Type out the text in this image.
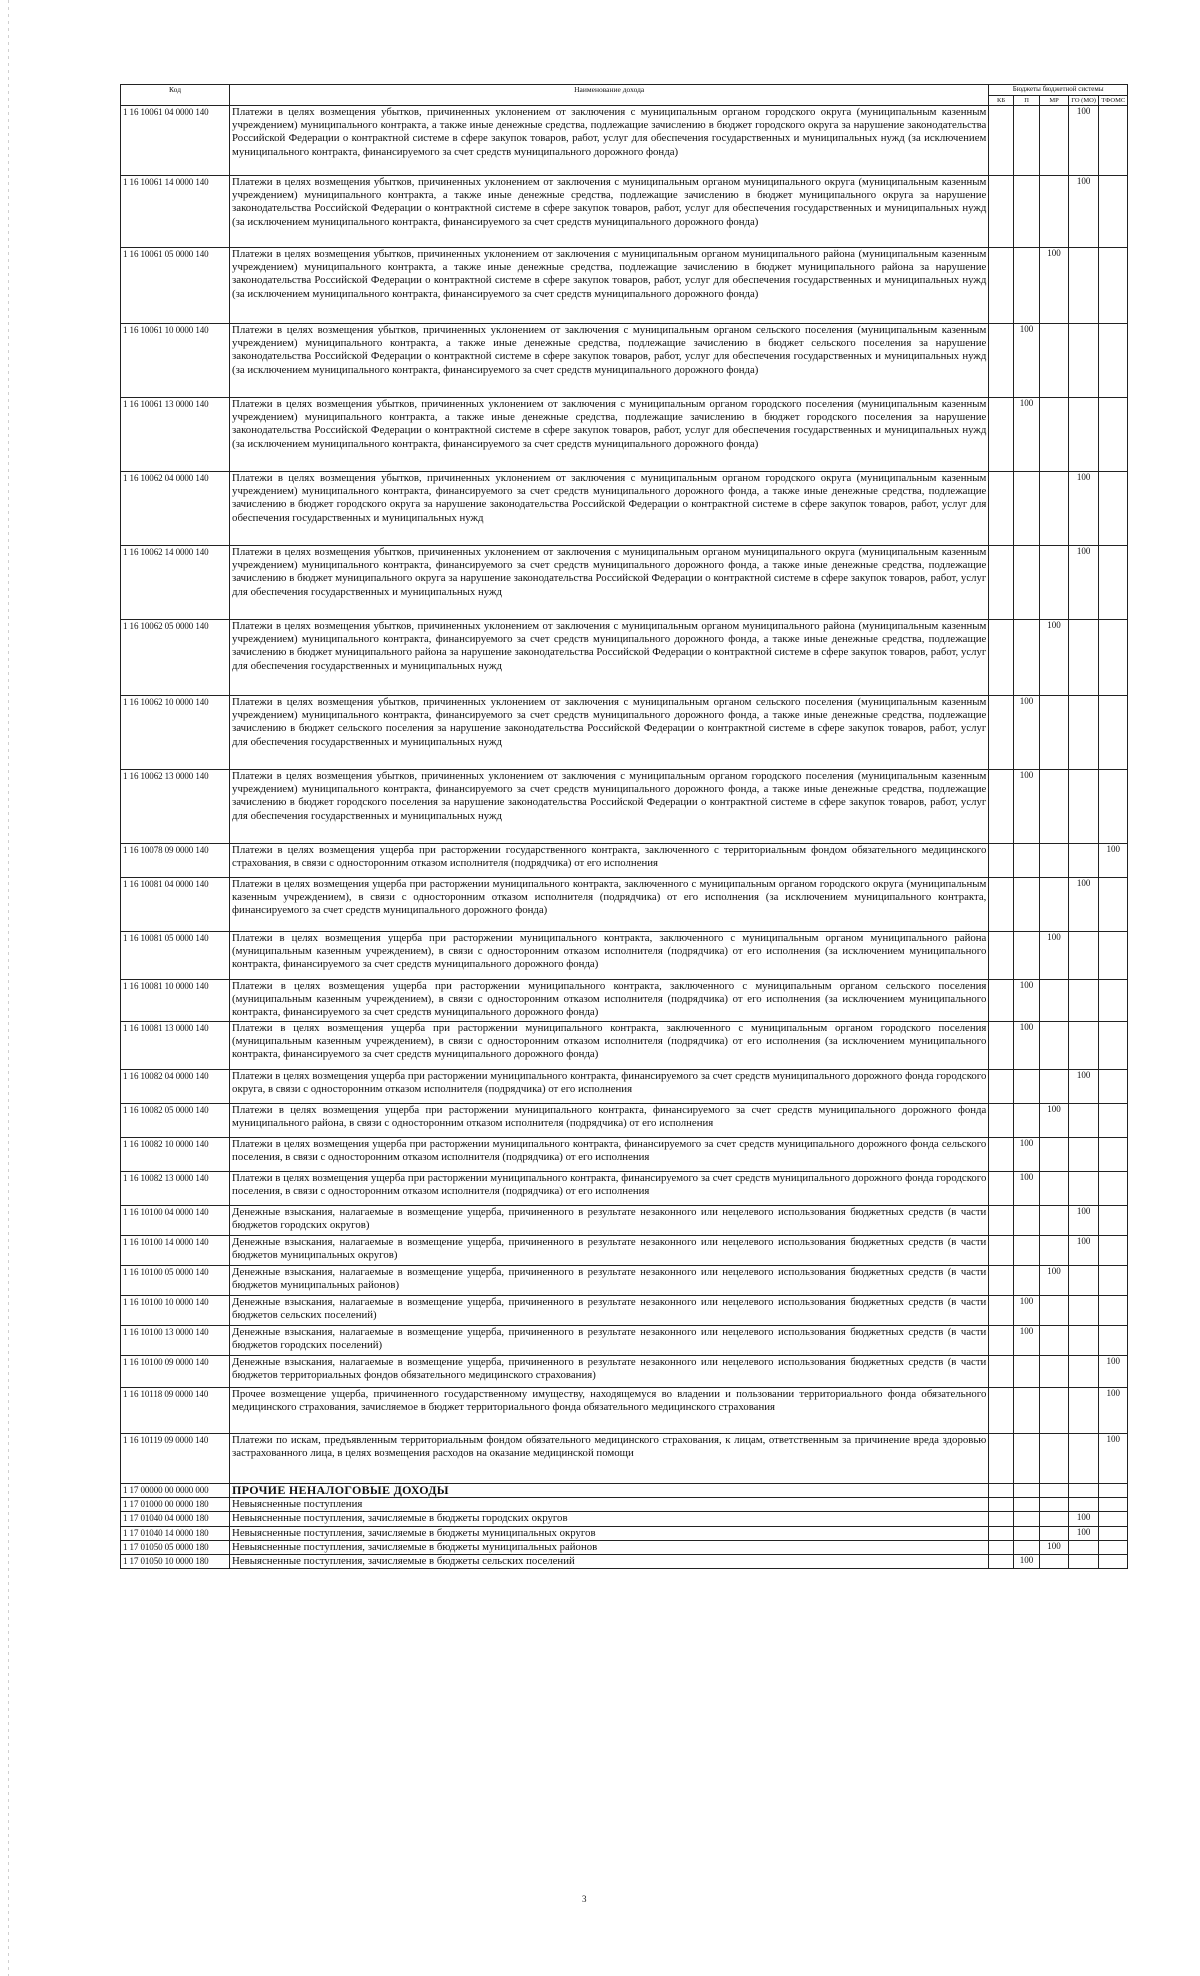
Код	Наименование дохода	Бюджеты бюджетной системы				
		КБ	П	МР	ГО (МО)	ТФОМС
1 16 10061 04 0000 140	Платежи в целях возмещения убытков, причиненных уклонением от заключения с муниципальным органом городского округа (муниципальным казенным учреждением) муниципального контракта, а также иные денежные средства, подлежащие зачислению в бюджет городского округа за нарушение законодательства Российской Федерации о контрактной системе в сфере закупок товаров, работ, услуг для обеспечения государственных и муниципальных нужд (за исключением муниципального контракта, финансируемого за счет средств муниципального дорожного фонда)				100	
1 16 10061 14 0000 140	Платежи в целях возмещения убытков, причиненных уклонением от заключения с муниципальным органом муниципального округа (муниципальным казенным учреждением) муниципального контракта, а также иные денежные средства, подлежащие зачислению в бюджет муниципального округа за нарушение законодательства Российской Федерации о контрактной системе в сфере закупок товаров, работ, услуг для обеспечения государственных и муниципальных нужд (за исключением муниципального контракта, финансируемого за счет средств муниципального дорожного фонда)				100	
1 16 10061 05 0000 140	Платежи в целях возмещения убытков, причиненных уклонением от заключения с муниципальным органом муниципального района (муниципальным казенным учреждением) муниципального контракта, а также иные денежные средства, подлежащие зачислению в бюджет муниципального района за нарушение законодательства Российской Федерации о контрактной системе в сфере закупок товаров, работ, услуг для обеспечения государственных и муниципальных нужд (за исключением муниципального контракта, финансируемого за счет средств муниципального дорожного фонда)			100		
1 16 10061 10 0000 140	Платежи в целях возмещения убытков, причиненных уклонением от заключения с муниципальным органом сельского поселения (муниципальным казенным учреждением) муниципального контракта, а также иные денежные средства, подлежащие зачислению в бюджет сельского поселения за нарушение законодательства Российской Федерации о контрактной системе в сфере закупок товаров, работ, услуг для обеспечения государственных и муниципальных нужд (за исключением муниципального контракта, финансируемого за счет средств муниципального дорожного фонда)		100			
1 16 10061 13 0000 140	Платежи в целях возмещения убытков, причиненных уклонением от заключения с муниципальным органом городского поселения (муниципальным казенным учреждением) муниципального контракта, а также иные денежные средства, подлежащие зачислению в бюджет городского поселения за нарушение законодательства Российской Федерации о контрактной системе в сфере закупок товаров, работ, услуг для обеспечения государственных и муниципальных нужд (за исключением муниципального контракта, финансируемого за счет средств муниципального дорожного фонда)		100			
1 16 10062 04 0000 140	Платежи в целях возмещения убытков, причиненных уклонением от заключения с муниципальным органом городского округа (муниципальным казенным учреждением) муниципального контракта, финансируемого за счет средств муниципального дорожного фонда, а также иные денежные средства, подлежащие зачислению в бюджет городского округа за нарушение законодательства Российской Федерации о контрактной системе в сфере закупок товаров, работ, услуг для обеспечения государственных и муниципальных нужд				100	
1 16 10062 14 0000 140	Платежи в целях возмещения убытков, причиненных уклонением от заключения с муниципальным органом муниципального округа (муниципальным казенным учреждением) муниципального контракта, финансируемого за счет средств муниципального дорожного фонда, а также иные денежные средства, подлежащие зачислению в бюджет муниципального округа за нарушение законодательства Российской Федерации о контрактной системе в сфере закупок товаров, работ, услуг для обеспечения государственных и муниципальных нужд				100	
1 16 10062 05 0000 140	Платежи в целях возмещения убытков, причиненных уклонением от заключения с муниципальным органом муниципального района (муниципальным казенным учреждением) муниципального контракта, финансируемого за счет средств муниципального дорожного фонда, а также иные денежные средства, подлежащие зачислению в бюджет муниципального района за нарушение законодательства Российской Федерации о контрактной системе в сфере закупок товаров, работ, услуг для обеспечения государственных и муниципальных нужд			100		
1 16 10062 10 0000 140	Платежи в целях возмещения убытков, причиненных уклонением от заключения с муниципальным органом сельского поселения (муниципальным казенным учреждением) муниципального контракта, финансируемого за счет средств муниципального дорожного фонда, а также иные денежные средства, подлежащие зачислению в бюджет сельского поселения за нарушение законодательства Российской Федерации о контрактной системе в сфере закупок товаров, работ, услуг для обеспечения государственных и муниципальных нужд		100			
1 16 10062 13 0000 140	Платежи в целях возмещения убытков, причиненных уклонением от заключения с муниципальным органом городского поселения (муниципальным казенным учреждением) муниципального контракта, финансируемого за счет средств муниципального дорожного фонда, а также иные денежные средства, подлежащие зачислению в бюджет городского поселения за нарушение законодательства Российской Федерации о контрактной системе в сфере закупок товаров, работ, услуг для обеспечения государственных и муниципальных нужд		100			
1 16 10078 09 0000 140	Платежи в целях возмещения ущерба при расторжении государственного контракта, заключенного с территориальным фондом обязательного медицинского страхования, в связи с односторонним отказом исполнителя (подрядчика) от его исполнения					100
1 16 10081 04 0000 140	Платежи в целях возмещения ущерба при расторжении муниципального контракта, заключенного с муниципальным органом городского округа (муниципальным казенным учреждением), в связи с односторонним отказом исполнителя (подрядчика) от его исполнения (за исключением муниципального контракта, финансируемого за счет средств муниципального дорожного фонда)				100	
1 16 10081 05 0000 140	Платежи в целях возмещения ущерба при расторжении муниципального контракта, заключенного с муниципальным органом муниципального района (муниципальным казенным учреждением), в связи с односторонним отказом исполнителя (подрядчика) от его исполнения (за исключением муниципального контракта, финансируемого за счет средств муниципального дорожного фонда)			100		
1 16 10081 10 0000 140	Платежи в целях возмещения ущерба при расторжении муниципального контракта, заключенного с муниципальным органом сельского поселения (муниципальным казенным учреждением), в связи с односторонним отказом исполнителя (подрядчика) от его исполнения (за исключением муниципального контракта, финансируемого за счет средств муниципального дорожного фонда)		100			
1 16 10081 13 0000 140	Платежи в целях возмещения ущерба при расторжении муниципального контракта, заключенного с муниципальным органом городского поселения (муниципальным казенным учреждением), в связи с односторонним отказом исполнителя (подрядчика) от его исполнения (за исключением муниципального контракта, финансируемого за счет средств муниципального дорожного фонда)		100			
1 16 10082 04 0000 140	Платежи в целях возмещения ущерба при расторжении муниципального контракта, финансируемого за счет средств муниципального дорожного фонда городского округа, в связи с односторонним отказом исполнителя (подрядчика) от его исполнения				100	
1 16 10082 05 0000 140	Платежи в целях возмещения ущерба при расторжении муниципального контракта, финансируемого за счет средств муниципального дорожного фонда муниципального района, в связи с односторонним отказом исполнителя (подрядчика) от его исполнения			100		
1 16 10082 10 0000 140	Платежи в целях возмещения ущерба при расторжении муниципального контракта, финансируемого за счет средств муниципального дорожного фонда сельского поселения, в связи с односторонним отказом исполнителя (подрядчика) от его исполнения		100			
1 16 10082 13 0000 140	Платежи в целях возмещения ущерба при расторжении муниципального контракта, финансируемого за счет средств муниципального дорожного фонда городского поселения, в связи с односторонним отказом исполнителя (подрядчика) от его исполнения		100			
1 16 10100 04 0000 140	Денежные взыскания, налагаемые в возмещение ущерба, причиненного в результате незаконного или нецелевого использования бюджетных средств (в части бюджетов городских округов)				100	
1 16 10100 14 0000 140	Денежные взыскания, налагаемые в возмещение ущерба, причиненного в результате незаконного или нецелевого использования бюджетных средств (в части бюджетов муниципальных округов)				100	
1 16 10100 05 0000 140	Денежные взыскания, налагаемые в возмещение ущерба, причиненного в результате незаконного или нецелевого использования бюджетных средств (в части бюджетов муниципальных районов)			100		
1 16 10100 10 0000 140	Денежные взыскания, налагаемые в возмещение ущерба, причиненного в результате незаконного или нецелевого использования бюджетных средств (в части бюджетов сельских поселений)		100			
1 16 10100 13 0000 140	Денежные взыскания, налагаемые в возмещение ущерба, причиненного в результате незаконного или нецелевого использования бюджетных средств (в части бюджетов городских поселений)		100			
1 16 10100 09 0000 140	Денежные взыскания, налагаемые в возмещение ущерба, причиненного в результате незаконного или нецелевого использования бюджетных средств (в части бюджетов территориальных фондов обязательного медицинского страхования)					100
1 16 10118 09 0000 140	Прочее возмещение ущерба, причиненного государственному имуществу, находящемуся во владении и пользовании территориального фонда обязательного медицинского страхования, зачисляемое в бюджет территориального фонда обязательного медицинского страхования					100
1 16 10119 09 0000 140	Платежи по искам, предъявленным территориальным фондом обязательного медицинского страхования, к лицам, ответственным за причинение вреда здоровью застрахованного лица, в целях возмещения расходов на оказание медицинской помощи					100
1 17 00000 00 0000 000	ПРОЧИЕ НЕНАЛОГОВЫЕ ДОХОДЫ					
1 17 01000 00 0000 180	Невыясненные поступления					
1 17 01040 04 0000 180	Невыясненные поступления, зачисляемые в бюджеты городских округов				100	
1 17 01040 14 0000 180	Невыясненные поступления, зачисляемые в бюджеты муниципальных округов				100	
1 17 01050 05 0000 180	Невыясненные поступления, зачисляемые в бюджеты муниципальных районов			100		
1 17 01050 10 0000 180	Невыясненные поступления, зачисляемые в бюджеты сельских поселений		100			
3
